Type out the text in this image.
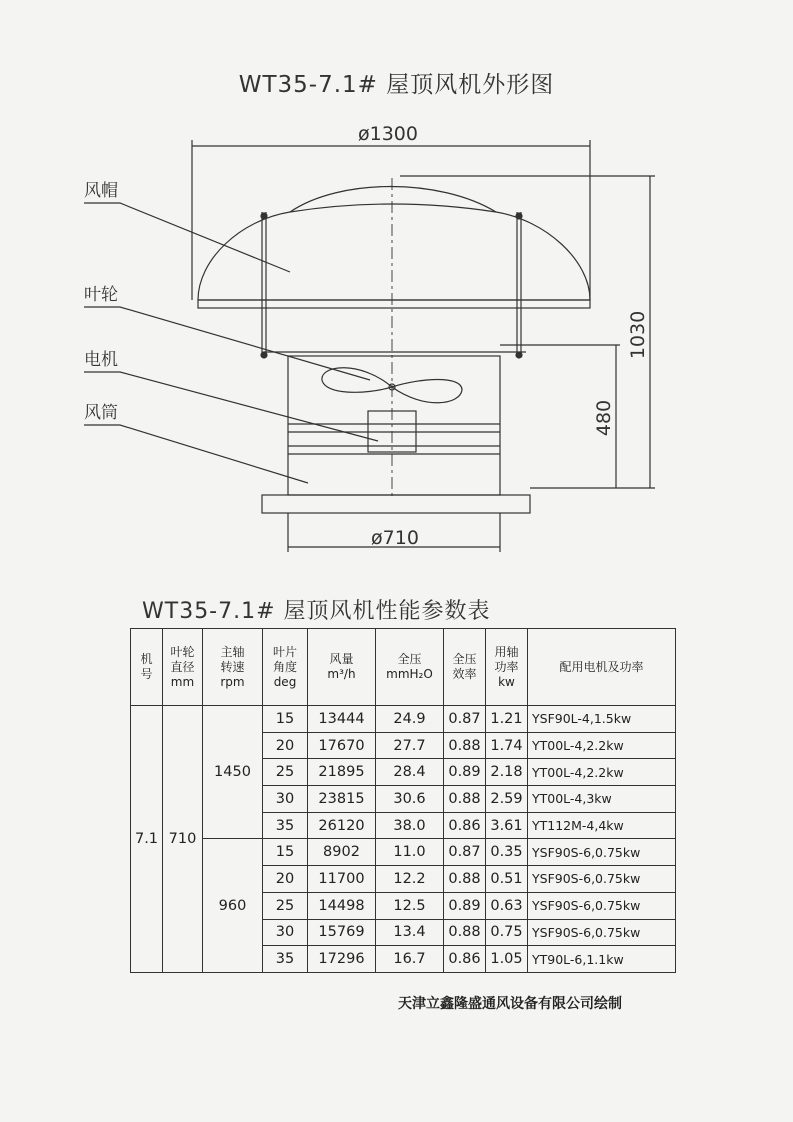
WT35-7.1# 屋顶风机外形图
ø1300
ø710
1030
480
风帽
叶轮
电机
风筒
WT35-7.1# 屋顶风机性能参数表
机
号	叶轮
直径
mm	主轴
转速
rpm	叶片
角度
deg	风量
m³/h	全压
mmH₂O	全压
效率	用轴
功率
kw	配用电机及功率

7.1	710	1450	15	13444	24.9	0.87	1.21	YSF90L-4,1.5kw
			20	17670	27.7	0.88	1.74	YT00L-4,2.2kw
			25	21895	28.4	0.89	2.18	YT00L-4,2.2kw
			30	23815	30.6	0.88	2.59	YT00L-4,3kw
			35	26120	38.0	0.86	3.61	YT112M-4,4kw
		960	15	8902	11.0	0.87	0.35	YSF90S-6,0.75kw
			20	11700	12.2	0.88	0.51	YSF90S-6,0.75kw
			25	14498	12.5	0.89	0.63	YSF90S-6,0.75kw
			30	15769	13.4	0.88	0.75	YSF90S-6,0.75kw
			35	17296	16.7	0.86	1.05	YT90L-6,1.1kw
天津立鑫隆盛通风设备有限公司绘制
